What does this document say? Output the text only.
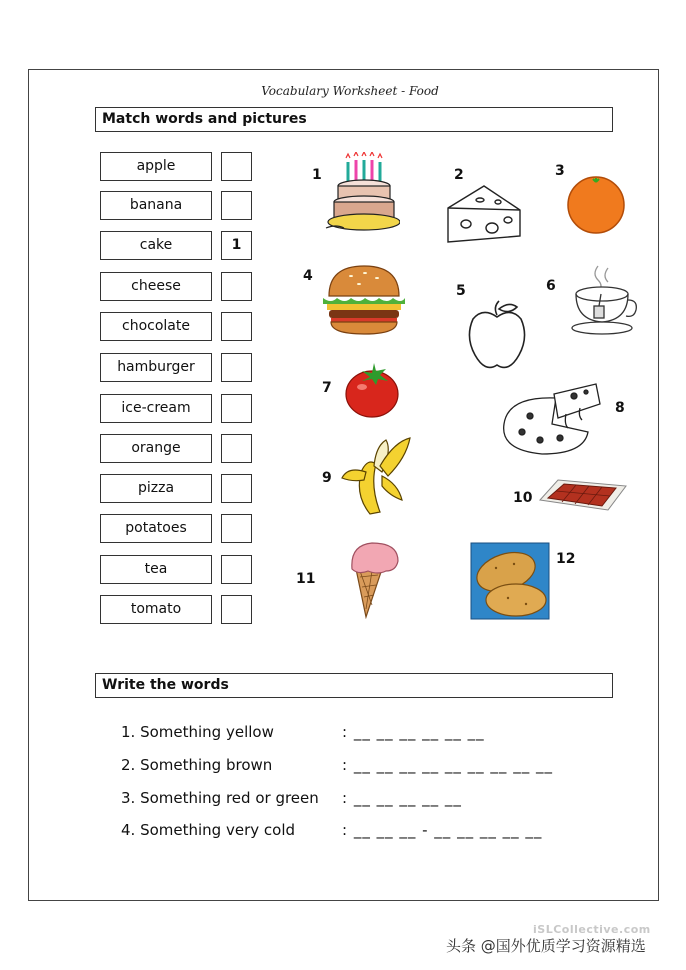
Vocabulary Worksheet - Food
Match words and pictures
apple
banana
cake	1
cheese
chocolate
hamburger
ice-cream
orange
pizza
potatoes
tea
tomato
1	2	3
4
5	6
7
8
9
10
11
12
Write the words
1. Something yellow	: __ __ __ __ __ __
2. Something brown	: __ __ __ __ __ __ __ __ __
3. Something red or green : __ __ __ __ __
4. Something very cold	: __ __ __ - __ __ __ __ __
iSLCollective.com
头条 @国外优质学习资源精选
